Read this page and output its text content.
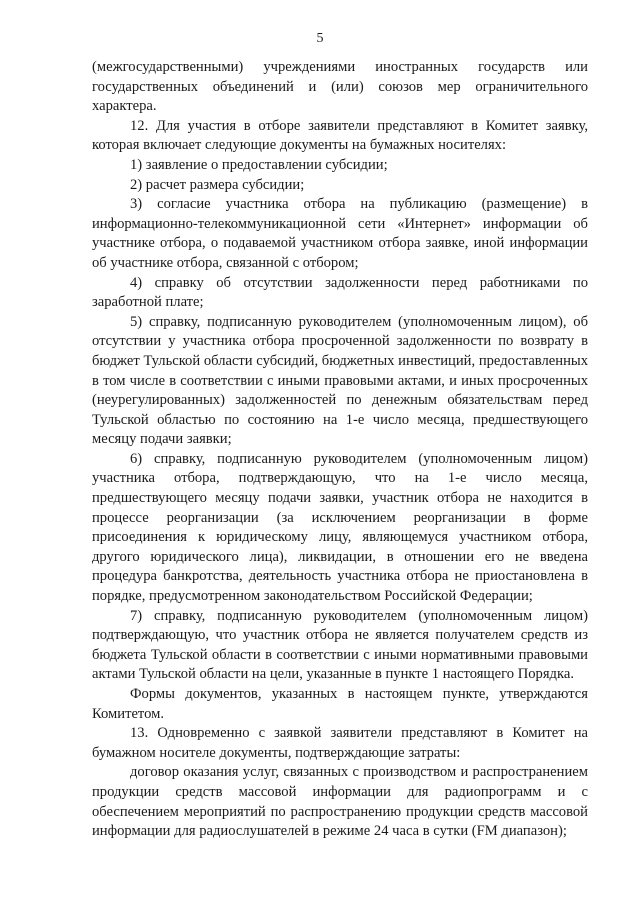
5

(межгосударственными) учреждениями иностранных государств или государственных объединений и (или) союзов мер ограничительного характера.

12. Для участия в отборе заявители представляют в Комитет заявку, которая включает следующие документы на бумажных носителях:

1) заявление о предоставлении субсидии;

2) расчет размера субсидии;

3) согласие участника отбора на публикацию (размещение) в информационно-телекоммуникационной сети «Интернет» информации об участнике отбора, о подаваемой участником отбора заявке, иной информации об участнике отбора, связанной с отбором;

4) справку об отсутствии задолженности перед работниками по заработной плате;

5) справку, подписанную руководителем (уполномоченным лицом), об отсутствии у участника отбора просроченной задолженности по возврату в бюджет Тульской области субсидий, бюджетных инвестиций, предоставленных в том числе в соответствии с иными правовыми актами, и иных просроченных (неурегулированных) задолженностей по денежным обязательствам перед Тульской областью по состоянию на 1-е число месяца, предшествующего месяцу подачи заявки;

6) справку, подписанную руководителем (уполномоченным лицом) участника отбора, подтверждающую, что на 1-е число месяца, предшествующего месяцу подачи заявки, участник отбора не находится в процессе реорганизации (за исключением реорганизации в форме присоединения к юридическому лицу, являющемуся участником отбора, другого юридического лица), ликвидации, в отношении его не введена процедура банкротства, деятельность участника отбора не приостановлена в порядке, предусмотренном законодательством Российской Федерации;

7) справку, подписанную руководителем (уполномоченным лицом) подтверждающую, что участник отбора не является получателем средств из бюджета Тульской области в соответствии с иными нормативными правовыми актами Тульской области на цели, указанные в пункте 1 настоящего Порядка.

Формы документов, указанных в настоящем пункте, утверждаются Комитетом.

13. Одновременно с заявкой заявители представляют в Комитет на бумажном носителе документы, подтверждающие затраты:

договор оказания услуг, связанных с производством и распространением продукции средств массовой информации для радиопрограмм и с обеспечением мероприятий по распространению продукции средств массовой информации для радиослушателей в режиме 24 часа в сутки (FM диапазон);
